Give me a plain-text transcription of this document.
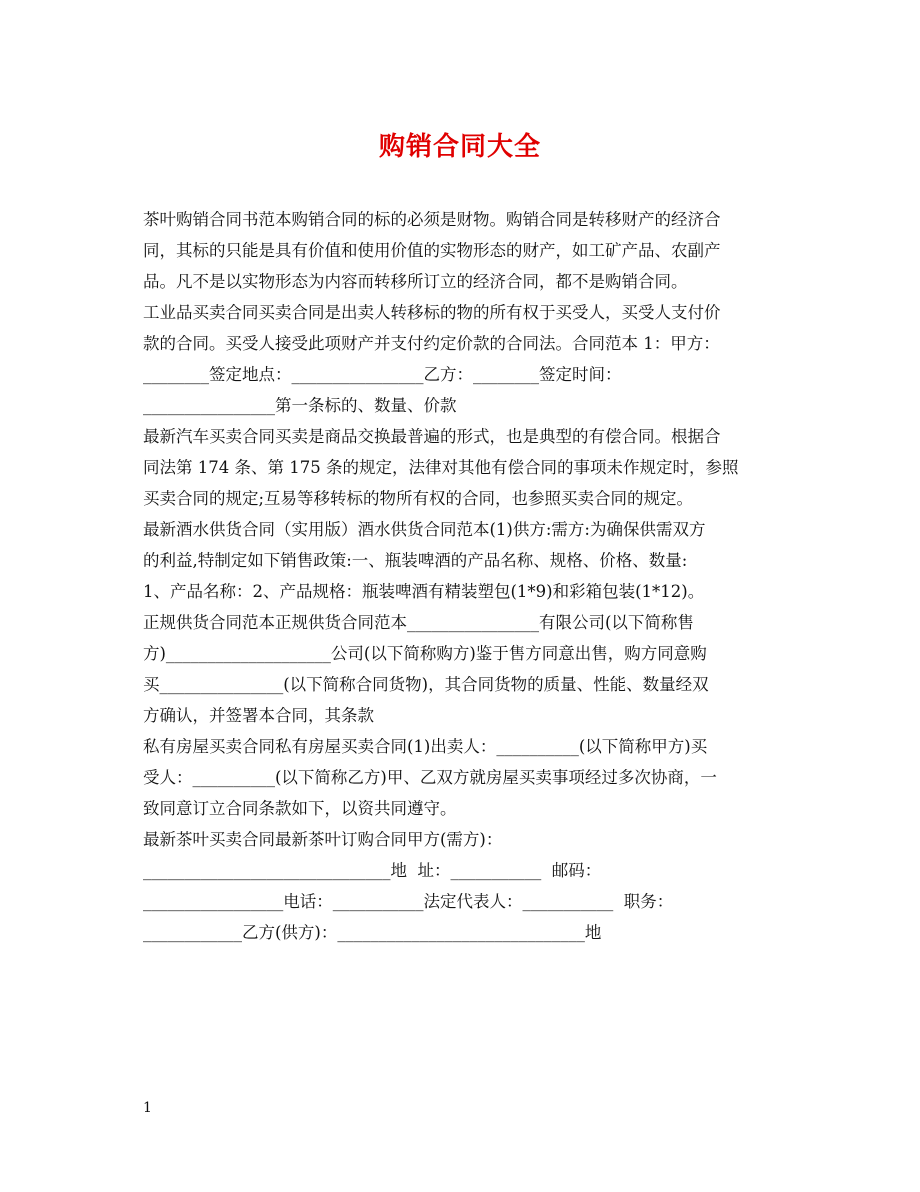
购销合同大全
茶叶购销合同书范本购销合同的标的必须是财物。购销合同是转移财产的经济合
同，其标的只能是具有价值和使用价值的实物形态的财产，如工矿产品、农副产
品。凡不是以实物形态为内容而转移所订立的经济合同，都不是购销合同。
工业品买卖合同买卖合同是出卖人转移标的物的所有权于买受人，买受人支付价
款的合同。买受人接受此项财产并支付约定价款的合同法。合同范本 1：甲方：
________签定地点：________________乙方：________签定时间：
________________第一条标的、数量、价款
最新汽车买卖合同买卖是商品交换最普遍的形式，也是典型的有偿合同。根据合
同法第 174 条、第 175 条的规定，法律对其他有偿合同的事项未作规定时，参照
买卖合同的规定;互易等移转标的物所有权的合同，也参照买卖合同的规定。
最新酒水供货合同（实用版）酒水供货合同范本(1)供方:需方:为确保供需双方
的利益,特制定如下销售政策:一、瓶装啤酒的产品名称、规格、价格、数量:
1、产品名称：2、产品规格：瓶装啤酒有精装塑包(1*9)和彩箱包装(1*12)。
正规供货合同范本正规供货合同范本________________有限公司(以下简称售
方)____________________公司(以下简称购方)鉴于售方同意出售，购方同意购
买_______________(以下简称合同货物)，其合同货物的质量、性能、数量经双
方确认，并签署本合同，其条款
私有房屋买卖合同私有房屋买卖合同(1)出卖人：__________(以下简称甲方)买
受人：__________(以下简称乙方)甲、乙双方就房屋买卖事项经过多次协商，一
致同意订立合同条款如下，以资共同遵守。
最新茶叶买卖合同最新茶叶订购合同甲方(需方)：
______________________________地  址：___________  邮码：
_________________电话：___________法定代表人：___________  职务：
____________乙方(供方)：______________________________地
1
